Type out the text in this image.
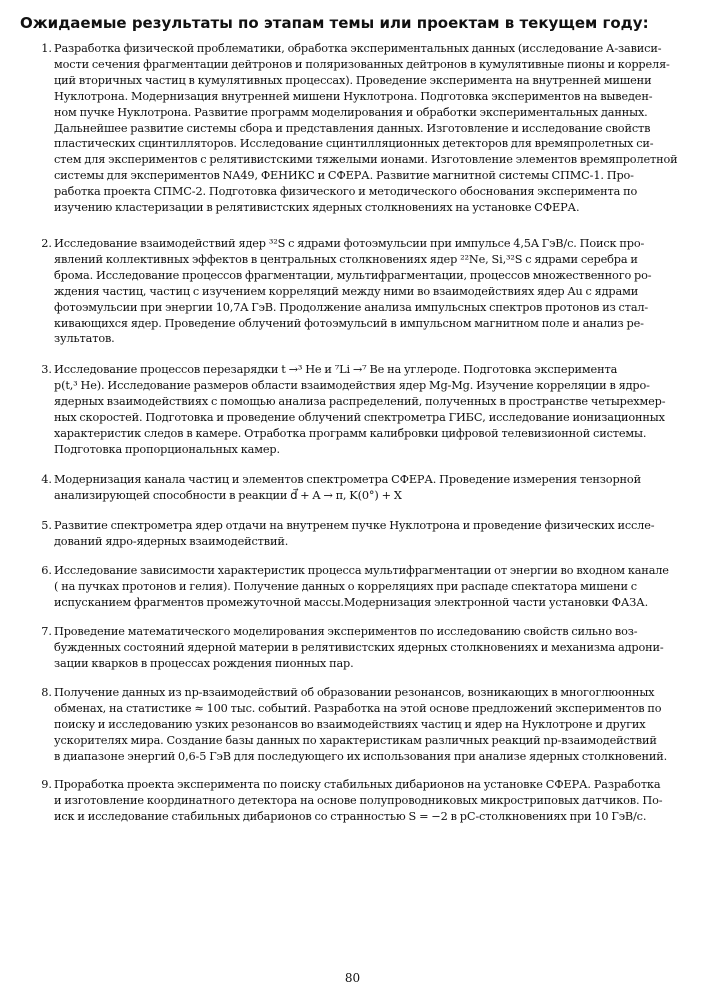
Ожидаемые результаты по этапам темы или проектам в текущем году:
1. Разработка физической проблематики, обработка экспериментальных данных (исследование А-зависи-
мости сечения фрагментации дейтронов и поляризованных дейтронов в кумулятивные пионы и корреля-
ций вторичных частиц в кумулятивных процессах). Проведение эксперимента на внутренней мишени
Нуклотрона. Модернизация внутренней мишени Нуклотрона. Подготовка экспериментов на выведен-
ном пучке Нуклотрона. Развитие программ моделирования и обработки экспериментальных данных.
Дальнейшее развитие системы сбора и представления данных. Изготовление и исследование свойств
пластических сцинтилляторов. Исследование сцинтилляционных детекторов для времяпролетных си-
стем для экспериментов с релятивистскими тяжелыми ионами. Изготовление элементов времяпролетной
системы для экспериментов NA49, ФЕНИКС и СФЕРА. Развитие магнитной системы СПМС-1. Про-
работка проекта СПМС-2. Подготовка физического и методического обоснования эксперимента по
изучению кластеризации в релятивистских ядерных столкновениях на установке СФЕРА.
2. Исследование взаимодействий ядер ³²S с ядрами фотоэмульсии при импульсе 4,5A ГэВ/c. Поиск про-
явлений коллективных эффектов в центральных столкновениях ядер ²²Ne, Si,³²S с ядрами серебра и
брома. Исследование процессов фрагментации, мультифрагментации, процессов множественного ро-
ждения частиц, частиц с изучением корреляций между ними во взаимодействиях ядер Au с ядрами
фотоэмульсии при энергии 10,7A ГэВ. Продолжение анализа импульсных спектров протонов из стал-
кивающихся ядер. Проведение облучений фотоэмульсий в импульсном магнитном поле и анализ ре-
зультатов.
3. Исследование процессов перезарядки t →³ He и ⁷Li →⁷ Be на углероде. Подготовка эксперимента
p(t,³ He). Исследование размеров области взаимодействия ядер Mg-Mg. Изучение корреляции в ядро-
ядерных взаимодействиях с помощью анализа распределений, полученных в пространстве четырехмер-
ных скоростей. Подготовка и проведение облучений спектрометра ГИБС, исследование ионизационных
характеристик следов в камере. Отработка программ калибровки цифровой телевизионной системы.
Подготовка пропорциональных камер.
4. Модернизация канала частиц и элементов спектрометра СФЕРА. Проведение измерения тензорной
анализирующей способности в реакции d⃗ + A → π, K(0°) + X
5. Развитие спектрометра ядер отдачи на внутренем пучке Нуклотрона и проведение физических иссле-
дований ядро-ядерных взаимодействий.
6. Исследование зависимости характеристик процесса мультифрагментации от энергии во входном канале
( на пучках протонов и гелия). Получение данных о корреляциях при распаде спектатора мишени с
испусканием фрагментов промежуточной массы.Модернизация электронной части установки ФАЗА.
7. Проведение математического моделирования экспериментов по исследованию свойств сильно воз-
бужденных состояний ядерной материи в релятивистских ядерных столкновениях и механизма адрони-
зации кварков в процессах рождения пионных пар.
8. Получение данных из np-взаимодействий об образовании резонансов, возникающих в многоглюонных
обменах, на статистике ≈ 100 тыс. событий. Разработка на этой основе предложений экспериментов по
поиску и исследованию узких резонансов во взаимодействиях частиц и ядер на Нуклотроне и других
ускорителях мира. Создание базы данных по характеристикам различных реакций np-взаимодействий
в диапазоне энергий 0,6-5 ГэВ для последующего их использования при анализе ядерных столкновений.
9. Проработка проекта эксперимента по поиску стабильных дибарионов на установке СФЕРА. Разработка
и изготовление координатного детектора на основе полупроводниковых микростриповых датчиков. По-
иск и исследование стабильных дибарионов со странностью S = −2 в pC-столкновениях при 10 ГэВ/c.
80
